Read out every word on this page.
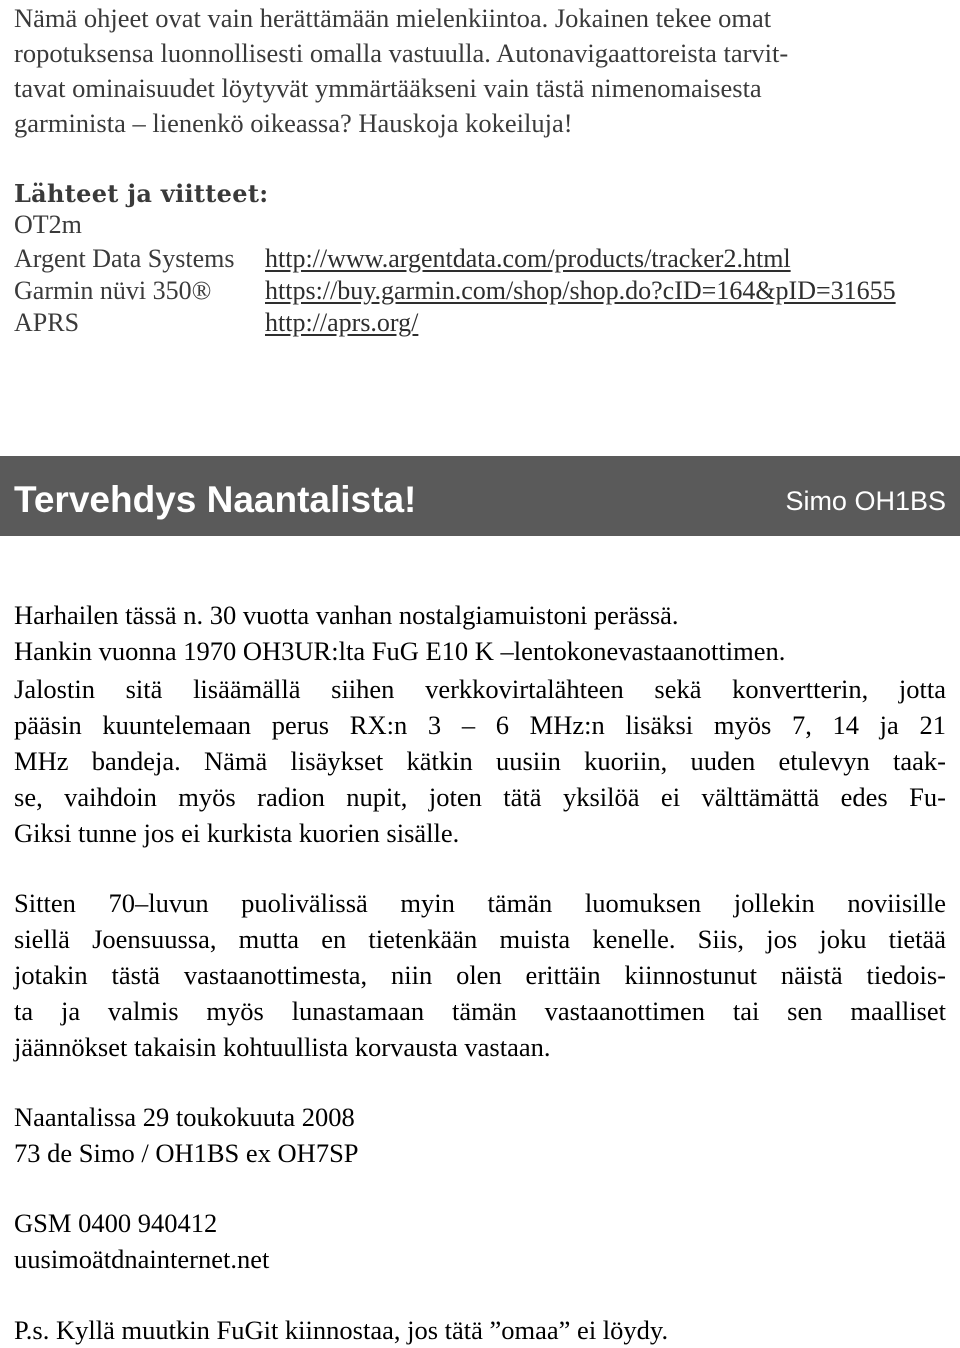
Nämä ohjeet ovat vain herättämään mielenkiintoa. Jokainen tekee omat
ropotuksensa luonnollisesti omalla vastuulla. Autonavigaattoreista tarvit-
tavat ominaisuudet löytyvät ymmärtääkseni vain tästä nimenomaisesta
garminista – lienenkö oikeassa? Hauskoja kokeiluja!
Lähteet ja viitteet:
OT2m
Argent Data Systems http://www.argentdata.com/products/tracker2.html
Garmin nüvi 350® https://buy.garmin.com/shop/shop.do?cID=164&pID=31655
APRS	http://aprs.org/
Tervehdys Naantalista!	Simo OH1BS
Harhailen tässä n. 30 vuotta vanhan nostalgiamuistoni perässä.
Hankin vuonna 1970 OH3UR:lta FuG E10 K –lentokonevastaanottimen.
Jalostin sitä lisäämällä siihen verkkovirtalähteen sekä konvertterin, jotta
pääsin kuuntelemaan perus RX:n 3 – 6 MHz:n lisäksi myös 7, 14 ja 21
MHz bandeja. Nämä lisäykset kätkin uusiin kuoriin, uuden etulevyn taak-
se, vaihdoin myös radion nupit, joten tätä yksilöä ei välttämättä edes Fu-
Giksi tunne jos ei kurkista kuorien sisälle.
Sitten 70–luvun puolivälissä myin tämän luomuksen jollekin noviisille
siellä Joensuussa, mutta en tietenkään muista kenelle. Siis, jos joku tietää
jotakin tästä vastaanottimesta, niin olen erittäin kiinnostunut näistä tiedois-
ta ja valmis myös lunastamaan tämän vastaanottimen tai sen maalliset
jäännökset takaisin kohtuullista korvausta vastaan.
Naantalissa 29 toukokuuta 2008
73 de Simo / OH1BS ex OH7SP
GSM 0400 940412
uusimoätdnainternet.net
P.s. Kyllä muutkin FuGit kiinnostaa, jos tätä ”omaa” ei löydy.
